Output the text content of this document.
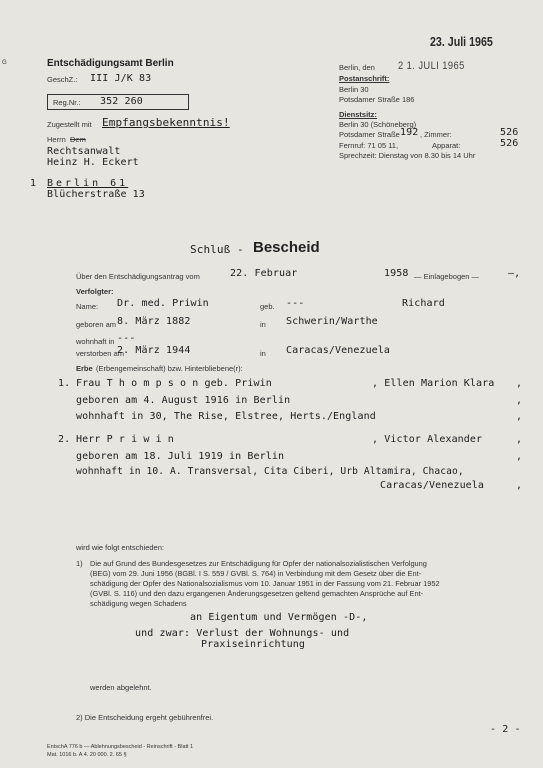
G
23. Juli 1965
Entschädigungsamt Berlin
GeschZ.: III J/K 83
Reg.Nr.: 352 260
Zugestellt mit Empfangsbekenntnis!
Herrn Dem
Rechtsanwalt
Heinz H. Eckert
1 Berlin 61
Blücherstraße 13
Berlin, den 2 1. JULI 1965
Postanschrift:
Berlin 30
Potsdamer Straße 186
Dienstsitz:
Berlin 30 (Schöneberg)
Potsdamer Straße 192 , Zimmer:	526
Fernruf: 71 05 11,	Apparat:	526
Sprechzeit: Dienstag von 8.30 bis 14 Uhr
Schluß - Bescheid
Über den Entschädigungsantrag vom	22. Februar	1958 — Einlagebogen —	—,
Verfolgter:
Name: Dr. med. Priwin	geb. ---	Richard
geboren am 8. März 1882	in Schwerin/Warthe
wohnhaft in ---
verstorben am
2. März 1944	in Caracas/Venezuela
Erbe (Erbengemeinschaft) bzw. Hinterbliebene(r):
1. Frau T h o m p s o n geb. Priwin	, Ellen Marion Klara
geboren am 4. August 1916 in Berlin
wohnhaft in 30, The Rise, Elstree, Herts./England
,
,
,
2. Herr P r i w i n	, Victor Alexander
geboren am 18. Juli 1919 in Berlin
wohnhaft in 10. A. Transversal, Cita Ciberi, Urb Altamira, Chacao,
Caracas/Venezuela
,
,
,
wird wie folgt entschieden:
1) Die auf Grund des Bundesgesetzes zur Entschädigung für Opfer der nationalsozialistischen Verfolgung
(BEG) vom 29. Juni 1956 (BGBl. I S. 559 / GVBl. S. 764) in Verbindung mit dem Gesetz über die Ent-
schädigung der Opfer des Nationalsozialismus vom 10. Januar 1951 in der Fassung vom 21. Februar 1952
(GVBl. S. 116) und den dazu ergangenen Änderungsgesetzen geltend gemachten Ansprüche auf Ent-
schädigung wegen Schadens
an Eigentum und Vermögen -D-,
und zwar: Verlust der Wohnungs- und
Praxiseinrichtung
werden abgelehnt.
2) Die Entscheidung ergeht gebührenfrei.
- 2 -
EntschA 776 b — Ablehnungsbescheid - Reinschrift - Blatt 1
Mat. 1016 b. A 4. 20 000. 2. 65 §
